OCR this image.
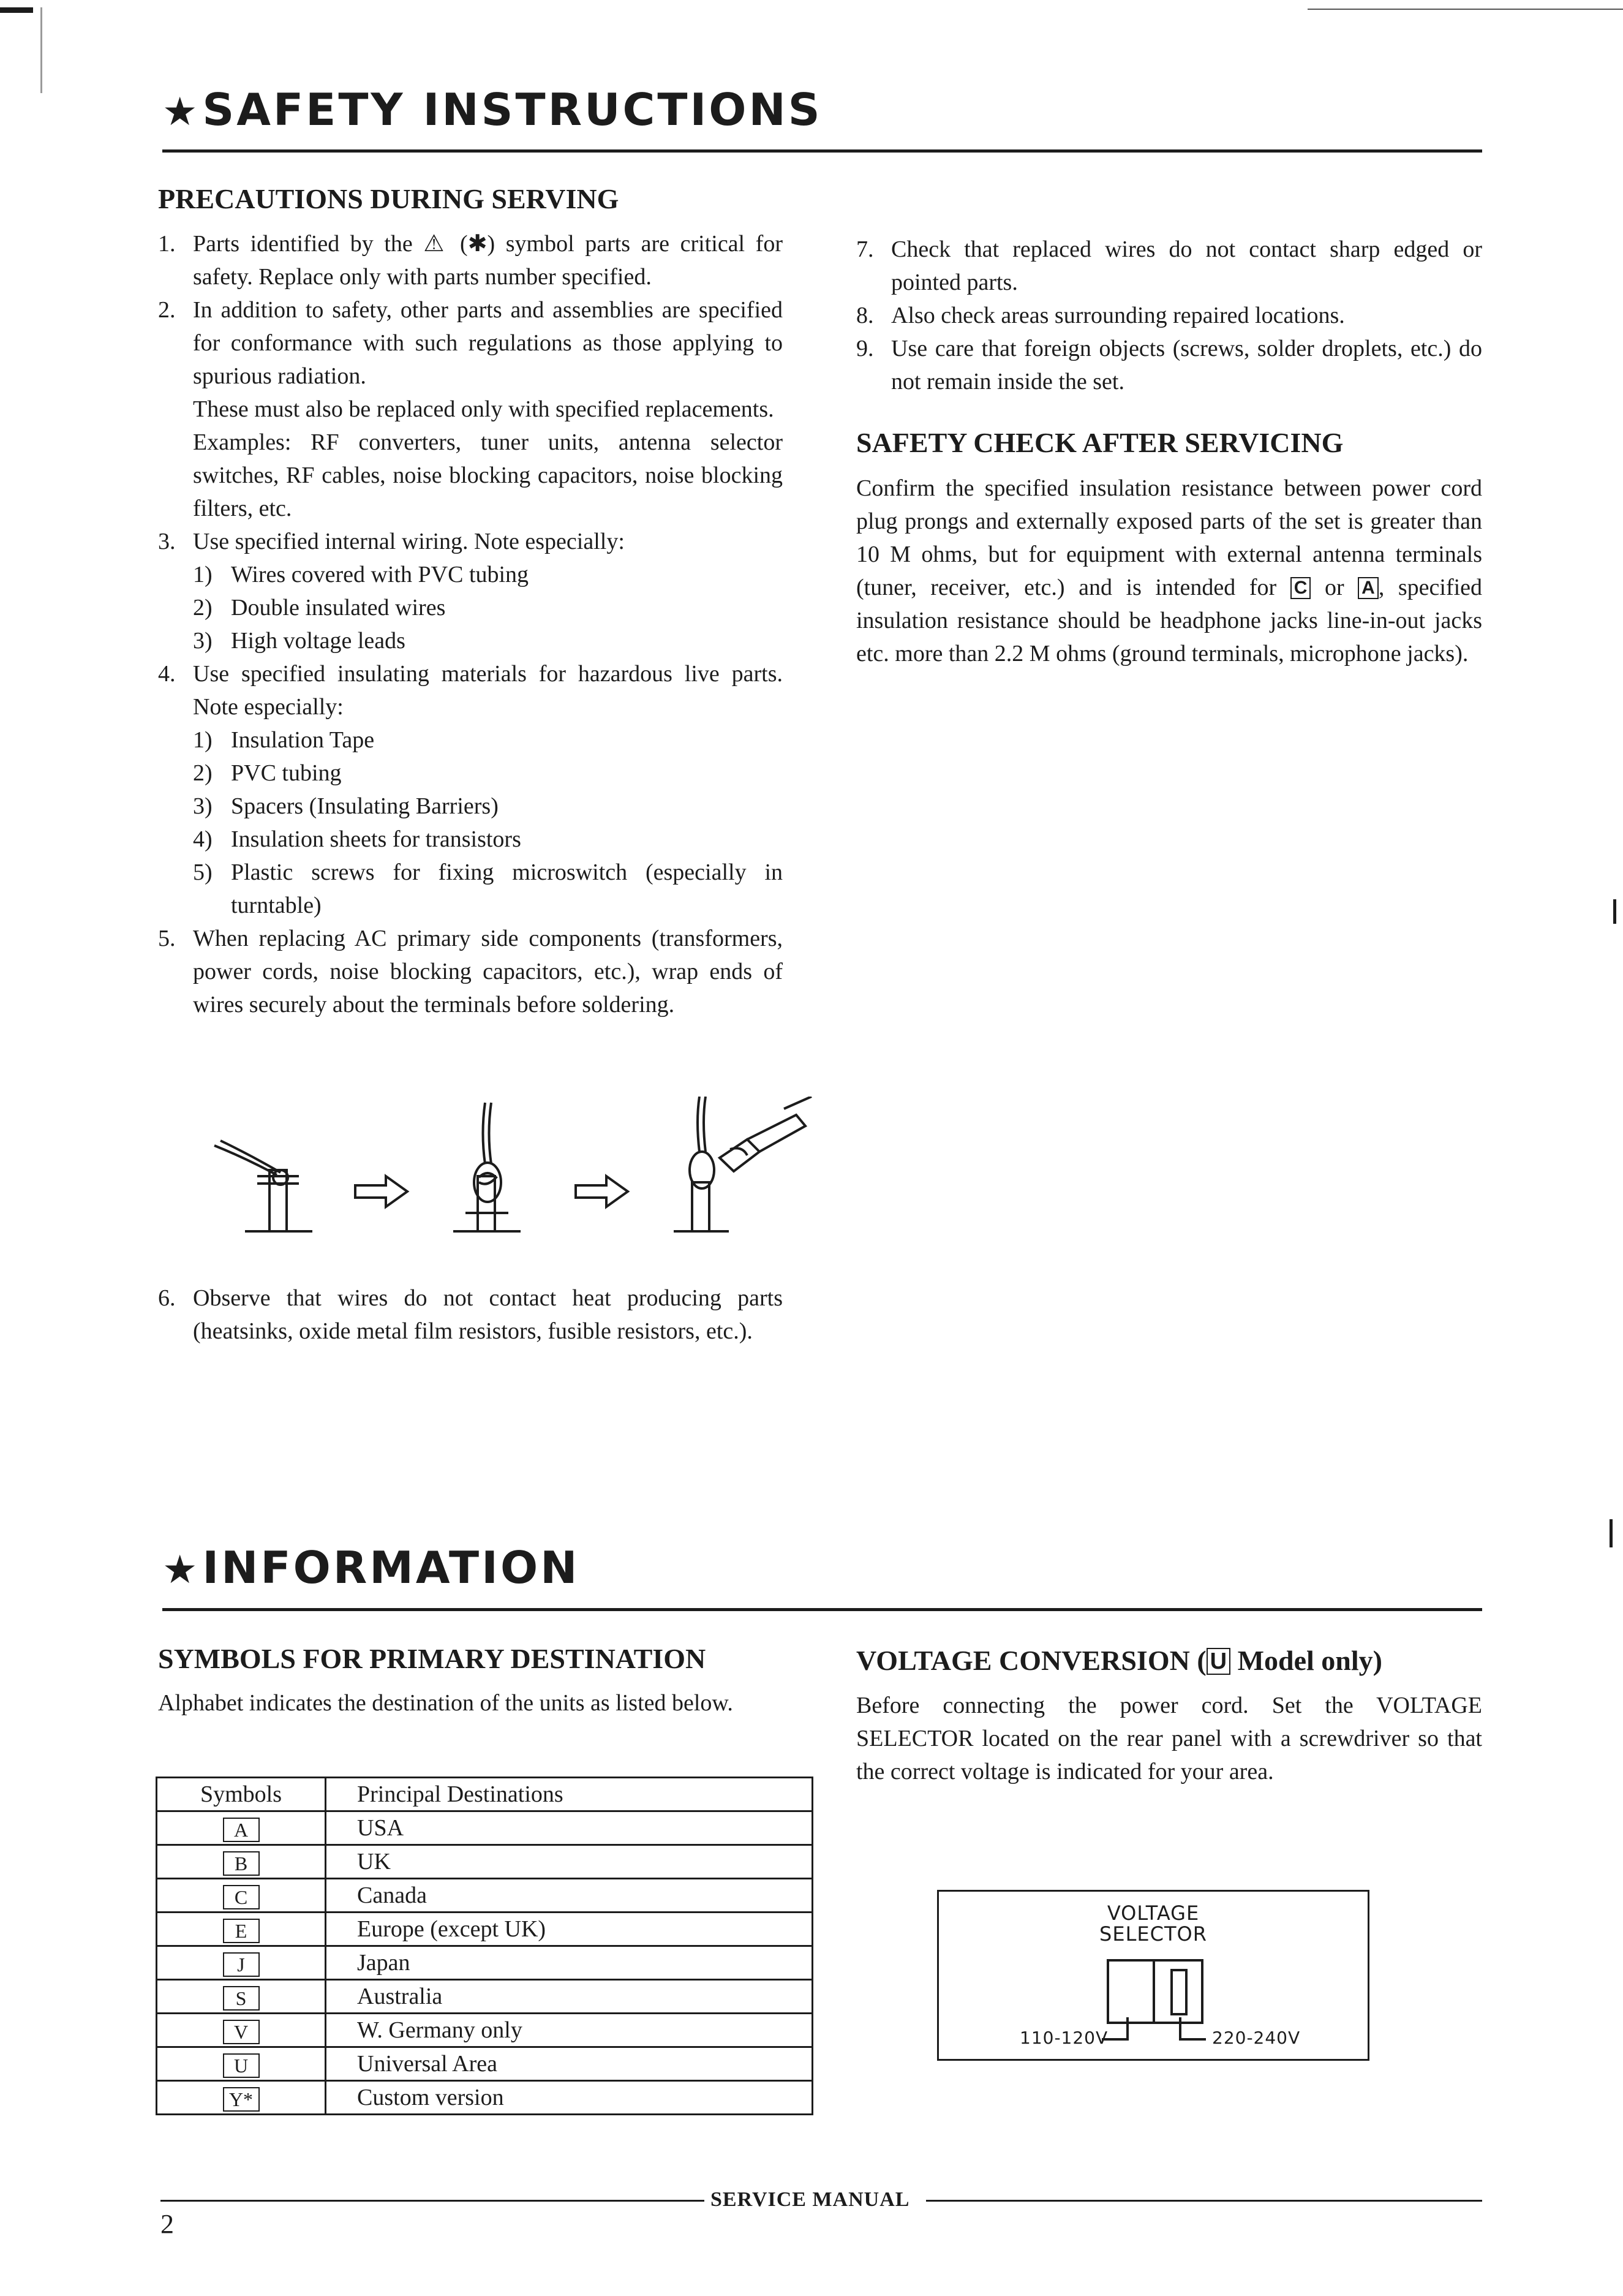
★SAFETY INSTRUCTIONS
PRECAUTIONS DURING SERVING
1. Parts identified by the ⚠ (✱) symbol parts are critical for safety. Replace only with parts number specified.
2. In addition to safety, other parts and assemblies are specified for conformance with such regulations as those applying to spurious radiation.
These must also be replaced only with specified replacements.
Examples: RF converters, tuner units, antenna selector switches, RF cables, noise blocking capacitors, noise blocking filters, etc.
3. Use specified internal wiring. Note especially:
1) Wires covered with PVC tubing
2) Double insulated wires
3) High voltage leads
4. Use specified insulating materials for hazardous live parts. Note especially:
1) Insulation Tape
2) PVC tubing
3) Spacers (Insulating Barriers)
4) Insulation sheets for transistors
5) Plastic screws for fixing microswitch (especially in turntable)
5. When replacing AC primary side components (transformers, power cords, noise blocking capacitors, etc.), wrap ends of wires securely about the terminals before soldering.
6. Observe that wires do not contact heat producing parts (heatsinks, oxide metal film resistors, fusible resistors, etc.).
7. Check that replaced wires do not contact sharp edged or pointed parts.
8. Also check areas surrounding repaired locations.
9. Use care that foreign objects (screws, solder droplets, etc.) do not remain inside the set.
SAFETY CHECK AFTER SERVICING
Confirm the specified insulation resistance between power cord plug prongs and externally exposed parts of the set is greater than 10 M ohms, but for equipment with external antenna terminals (tuner, receiver, etc.) and is intended for C or A , specified insulation resistance should be headphone jacks line-in-out jacks etc. more than 2.2 M ohms (ground terminals, microphone jacks).
★INFORMATION
SYMBOLS FOR PRIMARY DESTINATION
Alphabet indicates the destination of the units as listed below.
Symbols	Principal Destinations
A	USA
B	UK
C	Canada
E	Europe (except UK)
J	Japan
S	Australia
V	W. Germany only
U	Universal Area
Y*	Custom version
VOLTAGE CONVERSION ( U Model only)
Before connecting the power cord. Set the VOLTAGE SELECTOR located on the rear panel with a screwdriver so that the correct voltage is indicated for your area.
VOLTAGE
SELECTOR
110-120V	220-240V
SERVICE MANUAL
2
